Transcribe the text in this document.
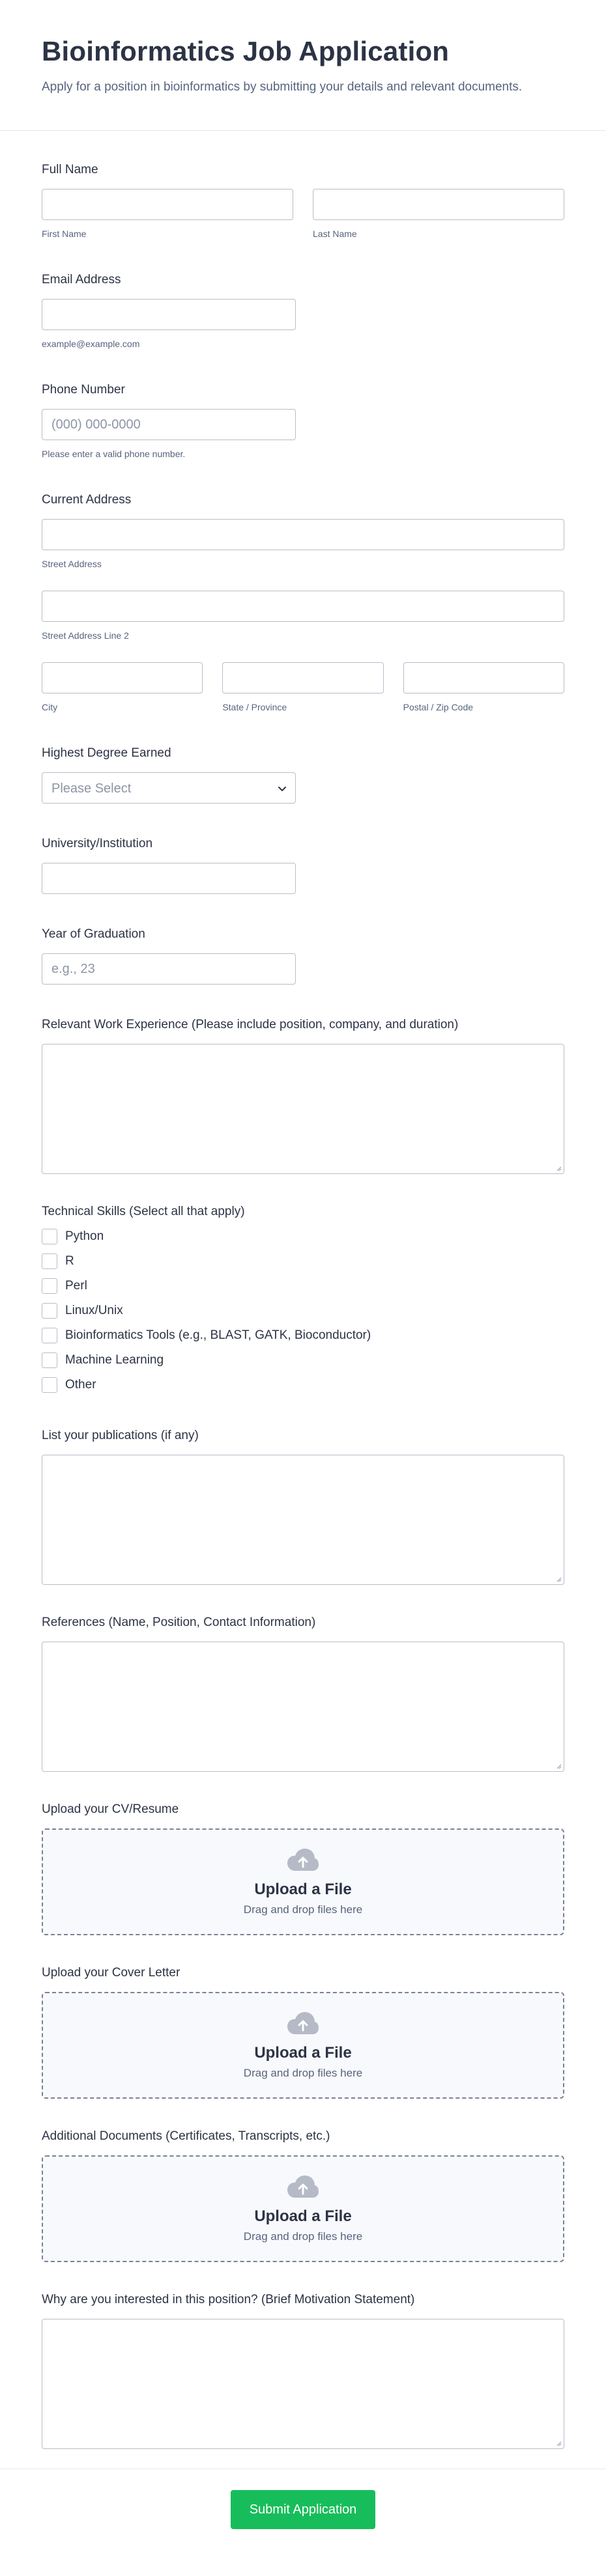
Bioinformatics Job Application

Apply for a position in bioinformatics by submitting your details and relevant documents.

Full Name
First Name	Last Name
Email Address
example@example.com
Phone Number
(000) 000-0000
Please enter a valid phone number.
Current Address
Street Address
Street Address Line 2
City	State / Province	Postal / Zip Code
Highest Degree Earned
Please Select
University/Institution
Year of Graduation
e.g., 23
Relevant Work Experience (Please include position, company, and duration)
Technical Skills (Select all that apply)
Python
R
Perl
Linux/Unix
Bioinformatics Tools (e.g., BLAST, GATK, Bioconductor)
Machine Learning
Other
List your publications (if any)
References (Name, Position, Contact Information)
Upload your CV/Resume
Upload a File
Drag and drop files here
Upload your Cover Letter
Upload a File
Drag and drop files here
Additional Documents (Certificates, Transcripts, etc.)
Upload a File
Drag and drop files here
Why are you interested in this position? (Brief Motivation Statement)
Submit Application
